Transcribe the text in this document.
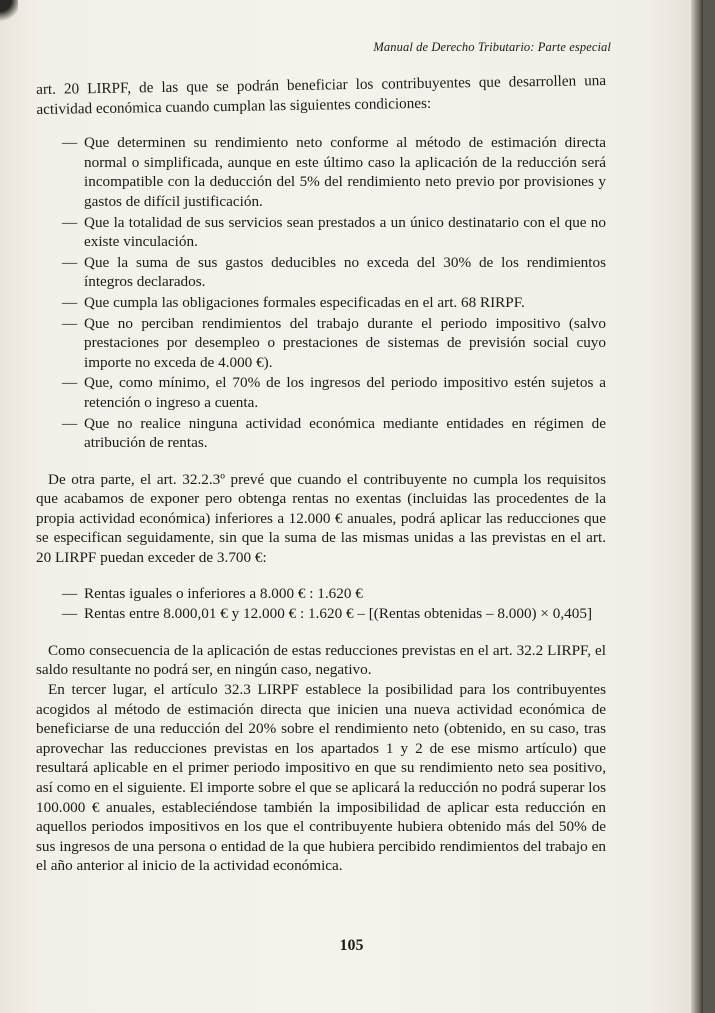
Manual de Derecho Tributario: Parte especial

art. 20 LIRPF, de las que se podrán beneficiar los contribuyentes que desarrollen una actividad económica cuando cumplan las siguientes condiciones:

— Que determinen su rendimiento neto conforme al método de estimación directa normal o simplificada, aunque en este último caso la aplicación de la reducción será incompatible con la deducción del 5% del rendimiento neto previo por provisiones y gastos de difícil justificación.
— Que la totalidad de sus servicios sean prestados a un único destinatario con el que no existe vinculación.
— Que la suma de sus gastos deducibles no exceda del 30% de los rendimientos íntegros declarados.
— Que cumpla las obligaciones formales especificadas en el art. 68 RIRPF.
— Que no perciban rendimientos del trabajo durante el periodo impositivo (salvo prestaciones por desempleo o prestaciones de sistemas de previsión social cuyo importe no exceda de 4.000 €).
— Que, como mínimo, el 70% de los ingresos del periodo impositivo estén sujetos a retención o ingreso a cuenta.
— Que no realice ninguna actividad económica mediante entidades en régimen de atribución de rentas.

De otra parte, el art. 32.2.3º prevé que cuando el contribuyente no cumpla los requisitos que acabamos de exponer pero obtenga rentas no exentas (incluidas las procedentes de la propia actividad económica) inferiores a 12.000 € anuales, podrá aplicar las reducciones que se especifican seguidamente, sin que la suma de las mismas unidas a las previstas en el art. 20 LIRPF puedan exceder de 3.700 €:

— Rentas iguales o inferiores a 8.000 € : 1.620 €
— Rentas entre 8.000,01 € y 12.000 € : 1.620 € – [(Rentas obtenidas – 8.000) × 0,405]

Como consecuencia de la aplicación de estas reducciones previstas en el art. 32.2 LIRPF, el saldo resultante no podrá ser, en ningún caso, negativo.

En tercer lugar, el artículo 32.3 LIRPF establece la posibilidad para los contribuyentes acogidos al método de estimación directa que inicien una nueva actividad económica de beneficiarse de una reducción del 20% sobre el rendimiento neto (obtenido, en su caso, tras aprovechar las reducciones previstas en los apartados 1 y 2 de ese mismo artículo) que resultará aplicable en el primer periodo impositivo en que su rendimiento neto sea positivo, así como en el siguiente. El importe sobre el que se aplicará la reducción no podrá superar los 100.000 € anuales, estableciéndose también la imposibilidad de aplicar esta reducción en aquellos periodos impositivos en los que el contribuyente hubiera obtenido más del 50% de sus ingresos de una persona o entidad de la que hubiera percibido rendimientos del trabajo en el año anterior al inicio de la actividad económica.

105
